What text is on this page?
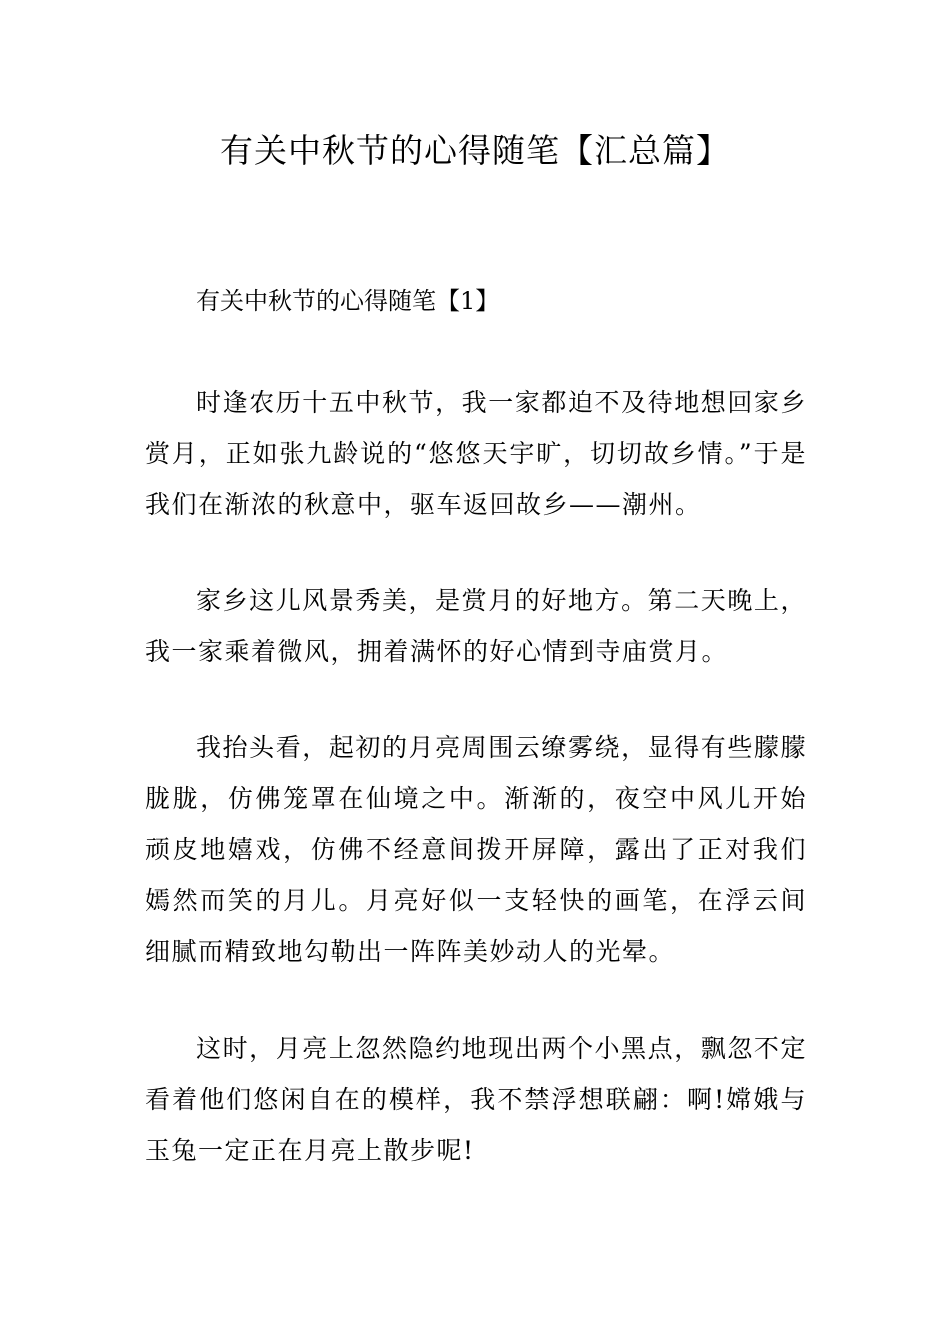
有关中秋节的心得随笔【汇总篇】
有关中秋节的心得随笔【1】

时逢农历十五中秋节，我一家都迫不及待地想回家乡赏月，正如张九龄说的“悠悠天宇旷，切切故乡情。”于是我们在渐浓的秋意中，驱车返回故乡——潮州。

家乡这儿风景秀美，是赏月的好地方。第二天晚上，我一家乘着微风，拥着满怀的好心情到寺庙赏月。

我抬头看，起初的月亮周围云缭雾绕，显得有些朦朦胧胧，仿佛笼罩在仙境之中。渐渐的，夜空中风儿开始顽皮地嬉戏，仿佛不经意间拨开屏障，露出了正对我们嫣然而笑的月儿。月亮好似一支轻快的画笔，在浮云间细腻而精致地勾勒出一阵阵美妙动人的光晕。

这时，月亮上忽然隐约地现出两个小黑点，飘忽不定看着他们悠闲自在的模样，我不禁浮想联翩：啊!嫦娥与玉兔一定正在月亮上散步呢!
